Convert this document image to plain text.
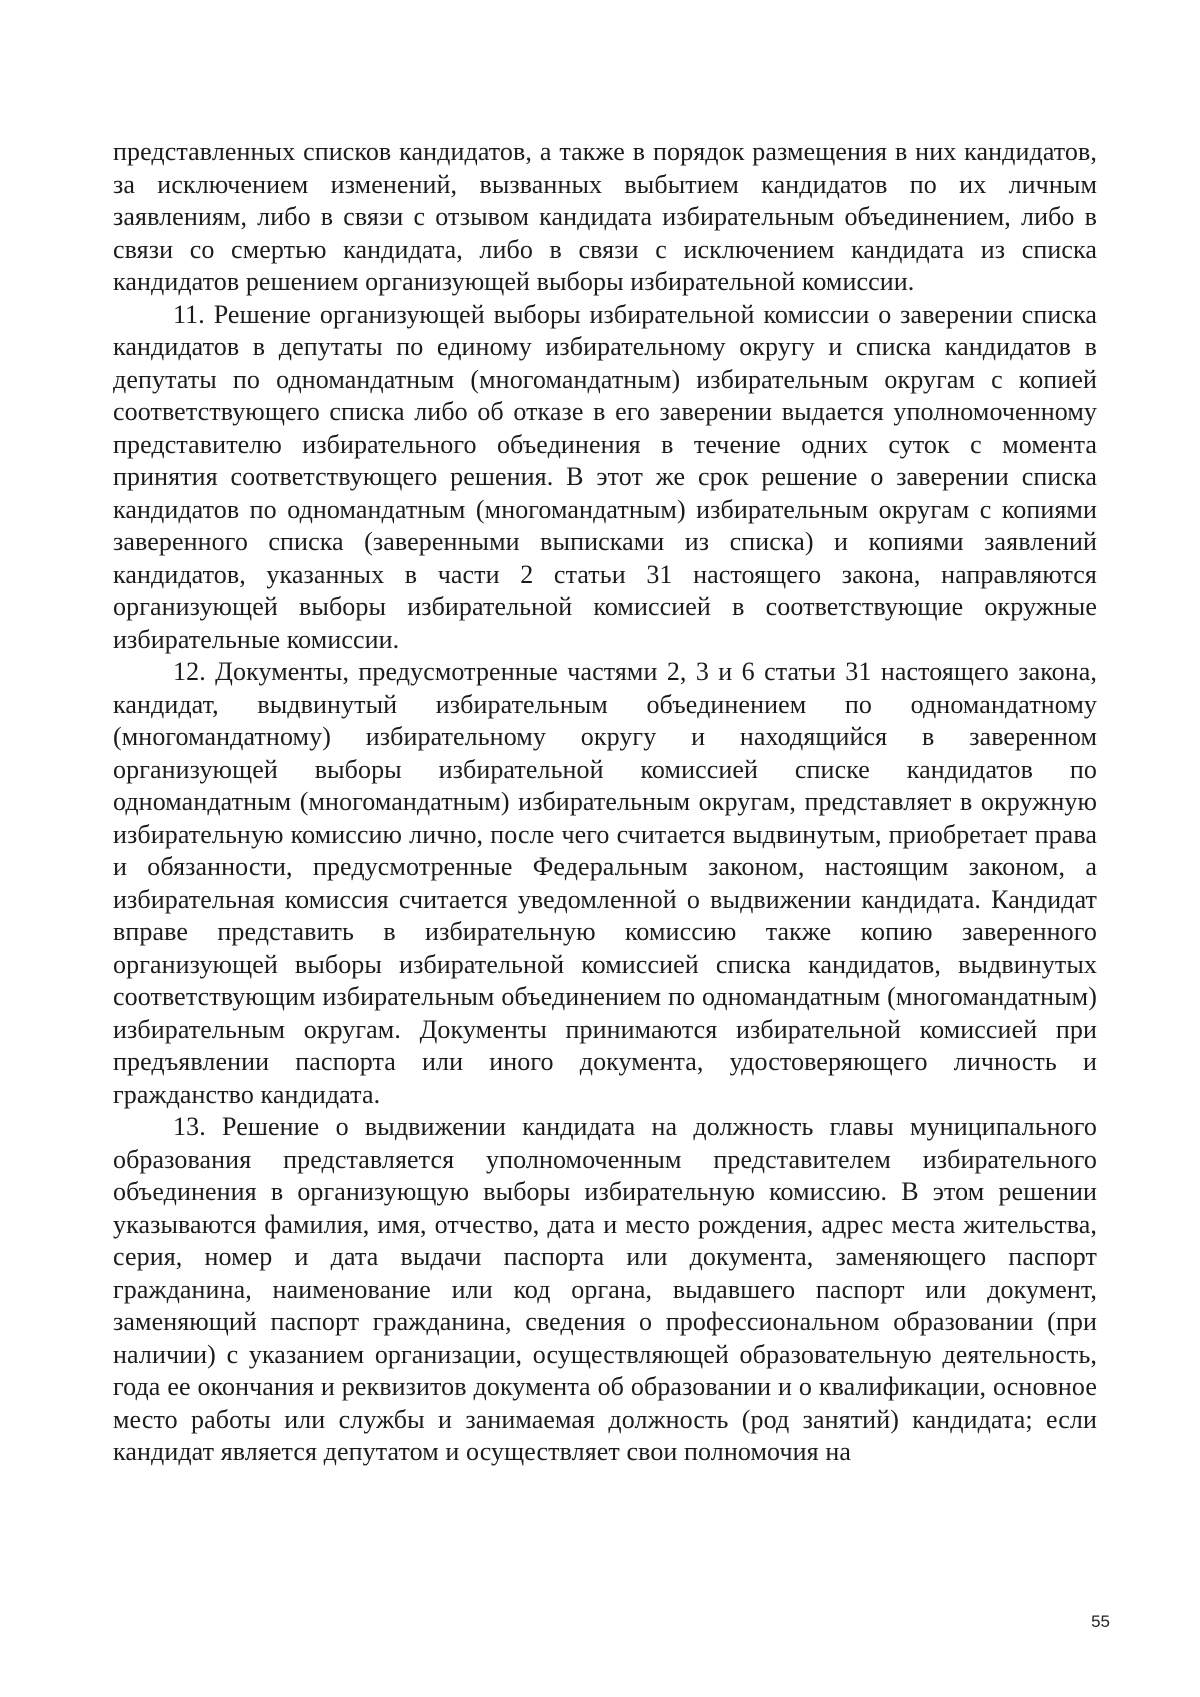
представленных списков кандидатов, а также в порядок размещения в них кандидатов, за исключением изменений, вызванных выбытием кандидатов по их личным заявлениям, либо в связи с отзывом кандидата избирательным объединением, либо в связи со смертью кандидата, либо в связи с исключением кандидата из списка кандидатов решением организующей выборы избирательной комиссии.

11. Решение организующей выборы избирательной комиссии о заверении списка кандидатов в депутаты по единому избирательному округу и списка кандидатов в депутаты по одномандатным (многомандатным) избирательным округам с копией соответствующего списка либо об отказе в его заверении выдается уполномоченному представителю избирательного объединения в течение одних суток с момента принятия соответствующего решения. В этот же срок решение о заверении списка кандидатов по одномандатным (многомандатным) избирательным округам с копиями заверенного списка (заверенными выписками из списка) и копиями заявлений кандидатов, указанных в части 2 статьи 31 настоящего закона, направляются организующей выборы избирательной комиссией в соответствующие окружные избирательные комиссии.

12. Документы, предусмотренные частями 2, 3 и 6 статьи 31 настоящего закона, кандидат, выдвинутый избирательным объединением по одномандатному (многомандатному) избирательному округу и находящийся в заверенном организующей выборы избирательной комиссией списке кандидатов по одномандатным (многомандатным) избирательным округам, представляет в окружную избирательную комиссию лично, после чего считается выдвинутым, приобретает права и обязанности, предусмотренные Федеральным законом, настоящим законом, а избирательная комиссия считается уведомленной о выдвижении кандидата. Кандидат вправе представить в избирательную комиссию также копию заверенного организующей выборы избирательной комиссией списка кандидатов, выдвинутых соответствующим избирательным объединением по одномандатным (многомандатным) избирательным округам. Документы принимаются избирательной комиссией при предъявлении паспорта или иного документа, удостоверяющего личность и гражданство кандидата.

13. Решение о выдвижении кандидата на должность главы муниципального образования представляется уполномоченным представителем избирательного объединения в организующую выборы избирательную комиссию. В этом решении указываются фамилия, имя, отчество, дата и место рождения, адрес места жительства, серия, номер и дата выдачи паспорта или документа, заменяющего паспорт гражданина, наименование или код органа, выдавшего паспорт или документ, заменяющий паспорт гражданина, сведения о профессиональном образовании (при наличии) с указанием организации, осуществляющей образовательную деятельность, года ее окончания и реквизитов документа об образовании и о квалификации, основное место работы или службы и занимаемая должность (род занятий) кандидата; если кандидат является депутатом и осуществляет свои полномочия на

55
